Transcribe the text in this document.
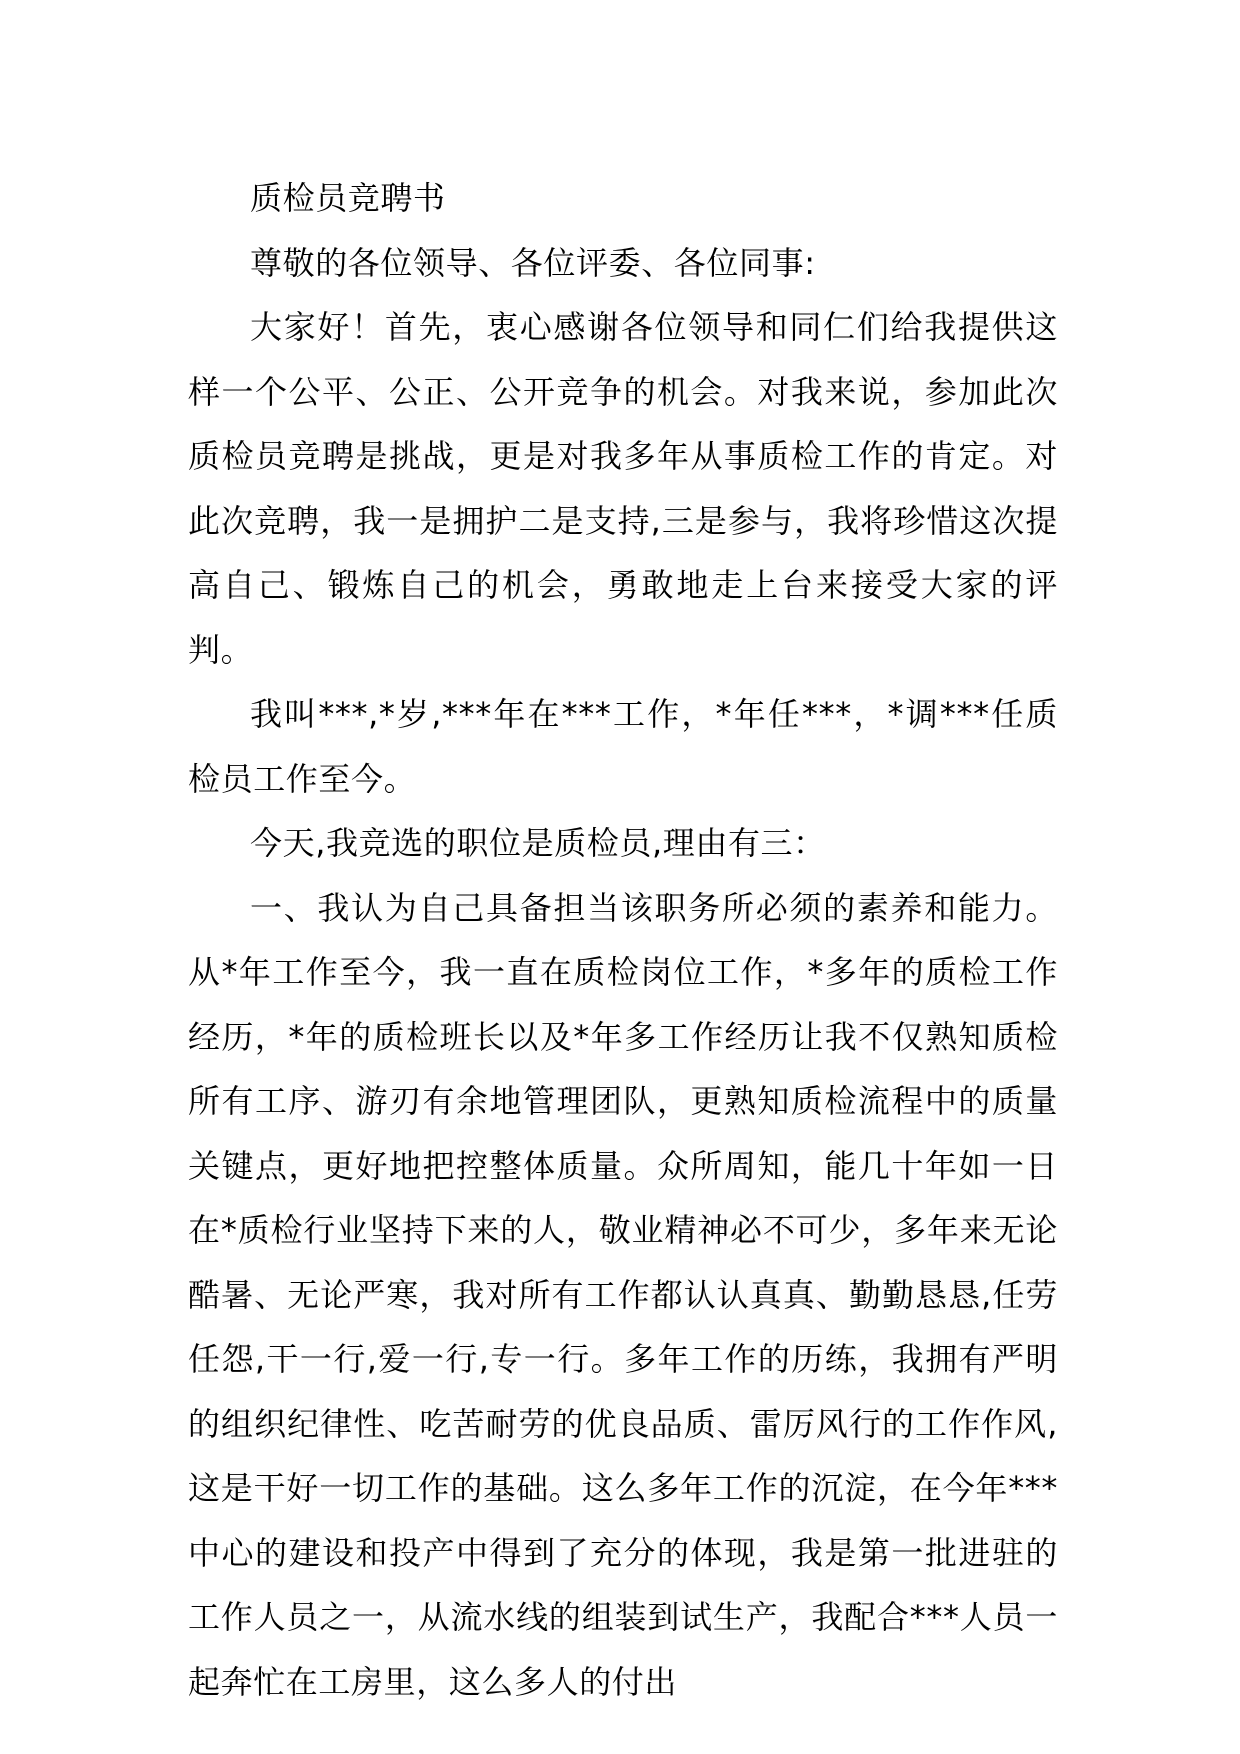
质检员竞聘书

尊敬的各位领导、各位评委、各位同事:

大家好！首先，衷心感谢各位领导和同仁们给我提供这样一个公平、公正、公开竞争的机会。对我来说，参加此次质检员竞聘是挑战，更是对我多年从事质检工作的肯定。对此次竞聘，我一是拥护二是支持,三是参与，我将珍惜这次提高自己、锻炼自己的机会，勇敢地走上台来接受大家的评判。

我叫***,*岁,***年在***工作，*年任***，*调***任质检员工作至今。

今天,我竞选的职位是质检员,理由有三：

一、我认为自己具备担当该职务所必须的素养和能力。从*年工作至今，我一直在质检岗位工作，*多年的质检工作经历，*年的质检班长以及*年多工作经历让我不仅熟知质检所有工序、游刃有余地管理团队，更熟知质检流程中的质量关键点，更好地把控整体质量。众所周知，能几十年如一日在*质检行业坚持下来的人，敬业精神必不可少，多年来无论酷暑、无论严寒，我对所有工作都认认真真、勤勤恳恳,任劳任怨,干一行,爱一行,专一行。多年工作的历练，我拥有严明的组织纪律性、吃苦耐劳的优良品质、雷厉风行的工作作风,这是干好一切工作的基础。这么多年工作的沉淀，在今年***中心的建设和投产中得到了充分的体现，我是第一批进驻的工作人员之一，从流水线的组装到试生产，我配合***人员一起奔忙在工房里，这么多人的付出
